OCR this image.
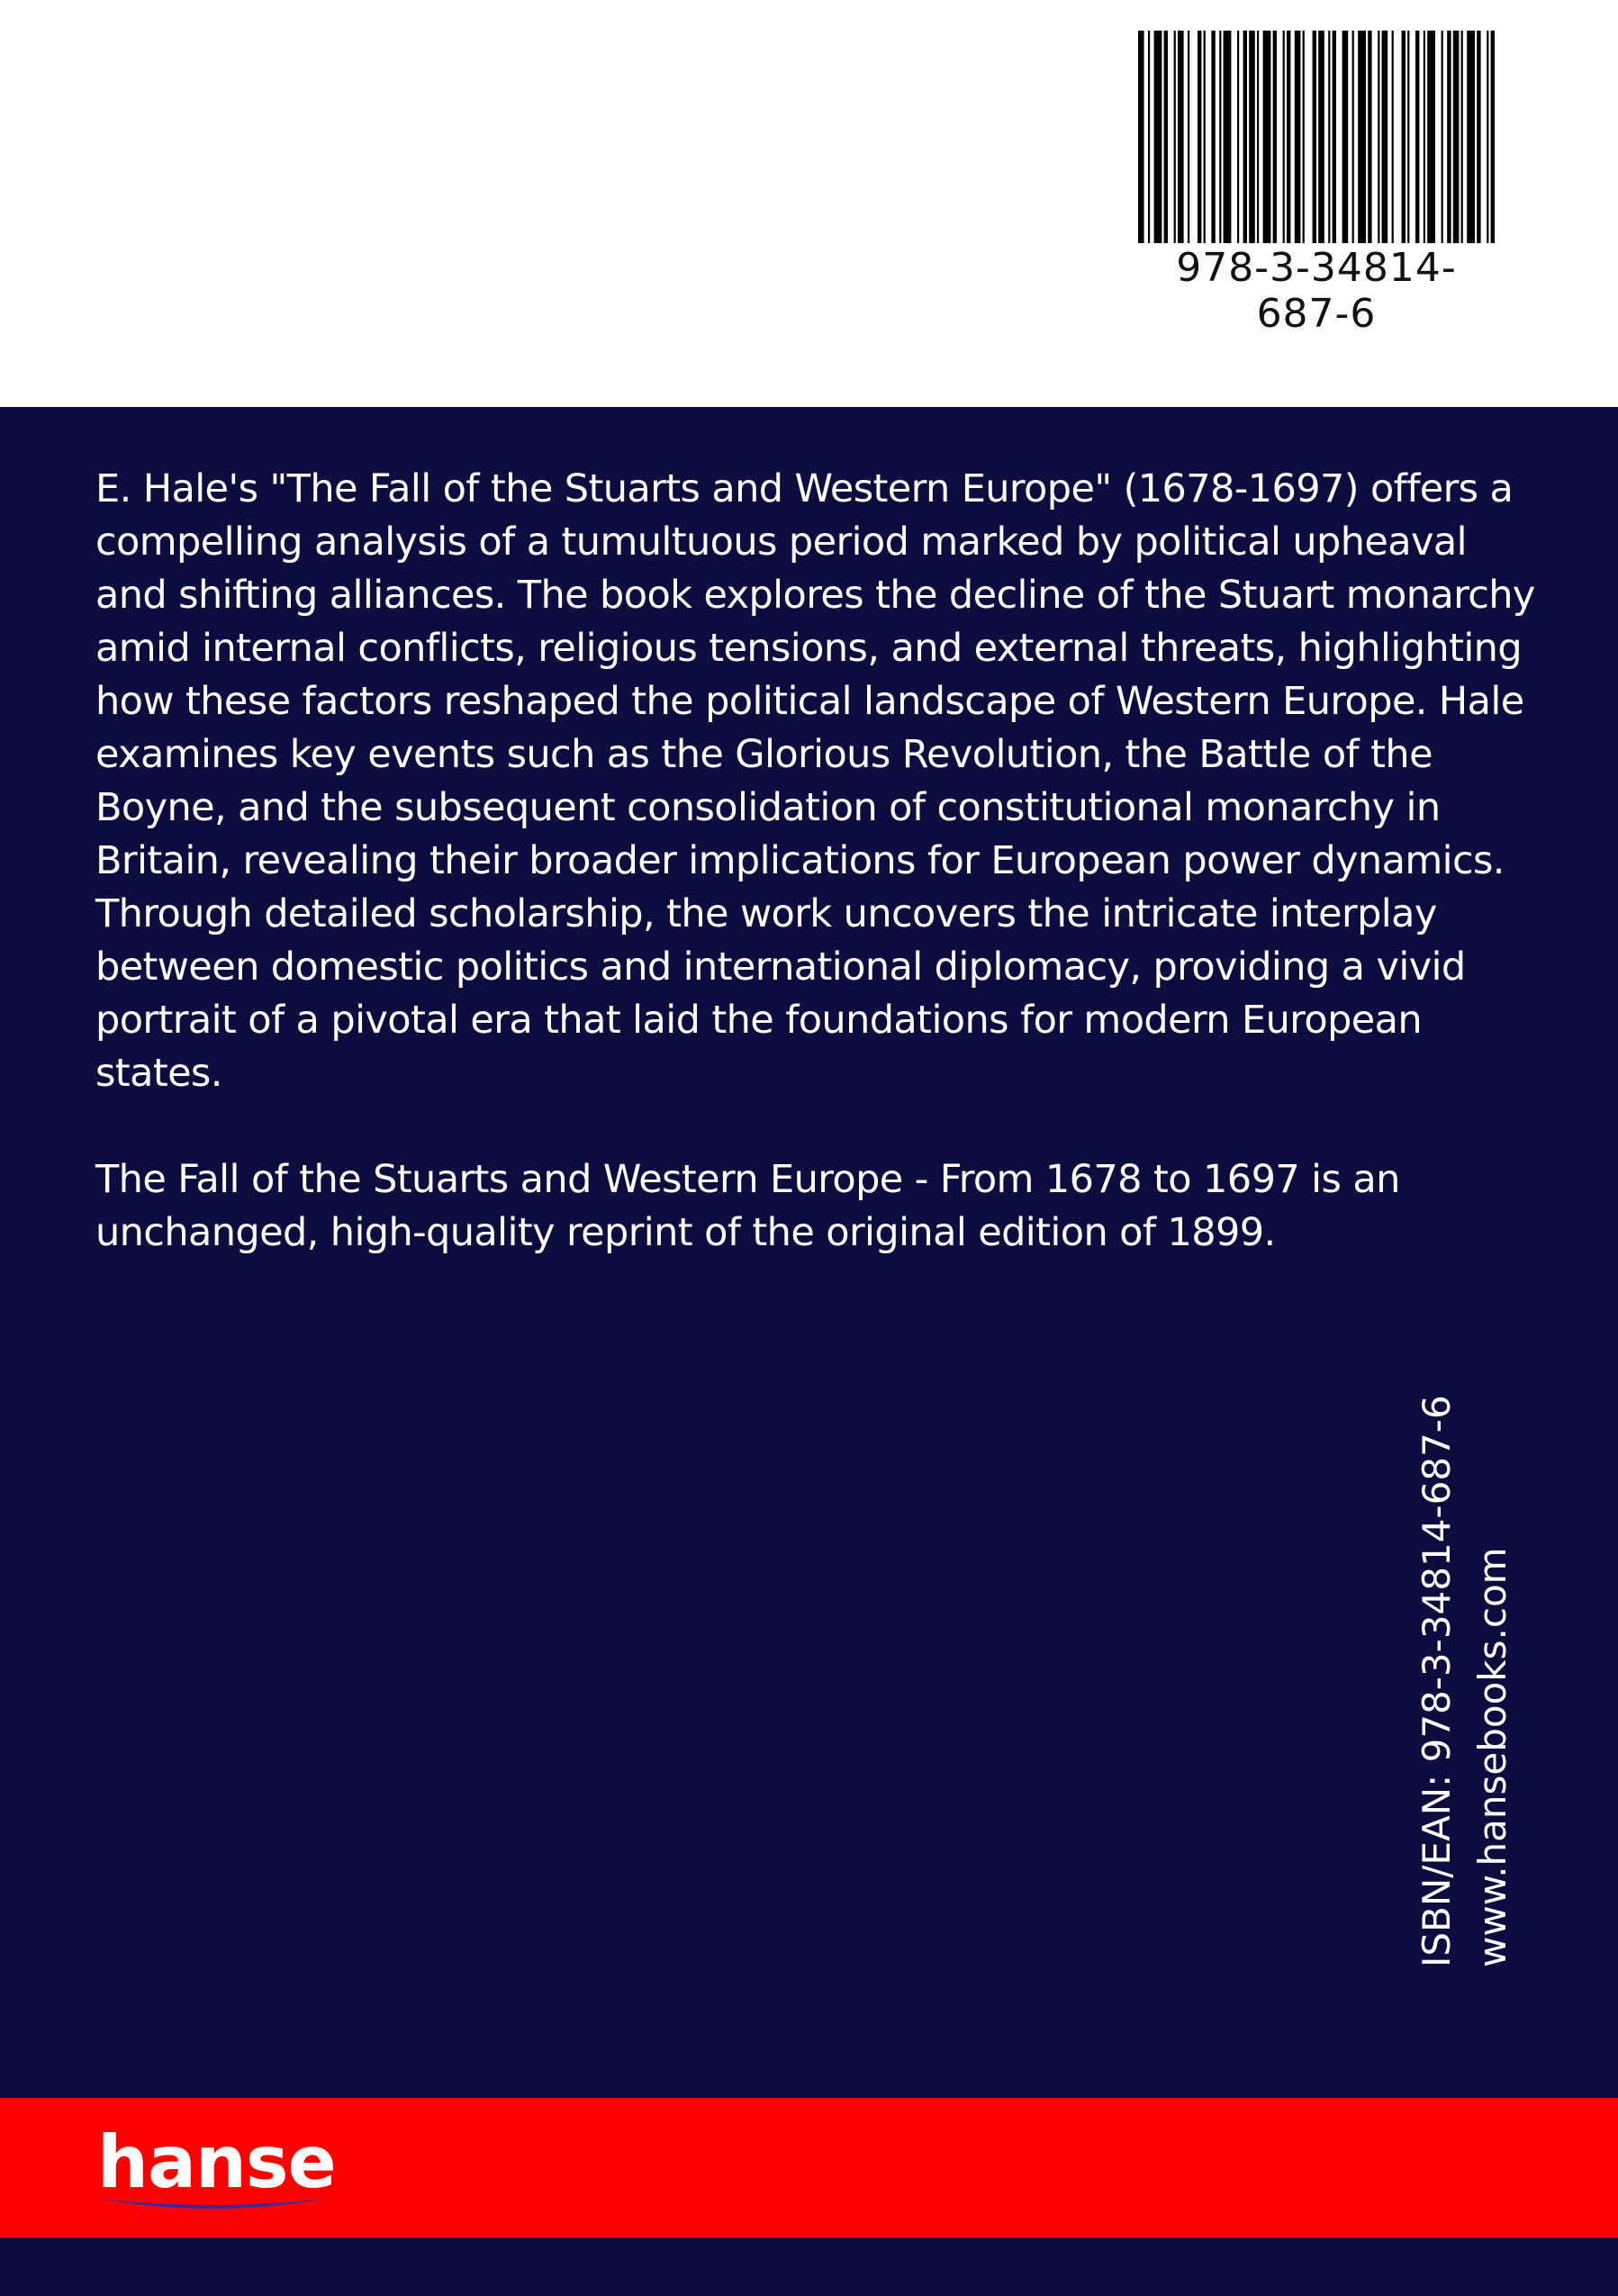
978-3-34814-687-6

E. Hale's "The Fall of the Stuarts and Western Europe" (1678-1697) offers a compelling analysis of a tumultuous period marked by political upheaval and shifting alliances. The book explores the decline of the Stuart monarchy amid internal conflicts, religious tensions, and external threats, highlighting how these factors reshaped the political landscape of Western Europe. Hale examines key events such as the Glorious Revolution, the Battle of the Boyne, and the subsequent consolidation of constitutional monarchy in Britain, revealing their broader implications for European power dynamics. Through detailed scholarship, the work uncovers the intricate interplay between domestic politics and international diplomacy, providing a vivid portrait of a pivotal era that laid the foundations for modern European states.

The Fall of the Stuarts and Western Europe - From 1678 to 1697 is an unchanged, high-quality reprint of the original edition of 1899.

ISBN/EAN: 978-3-34814-687-6 www.hansebooks.com
hanse
